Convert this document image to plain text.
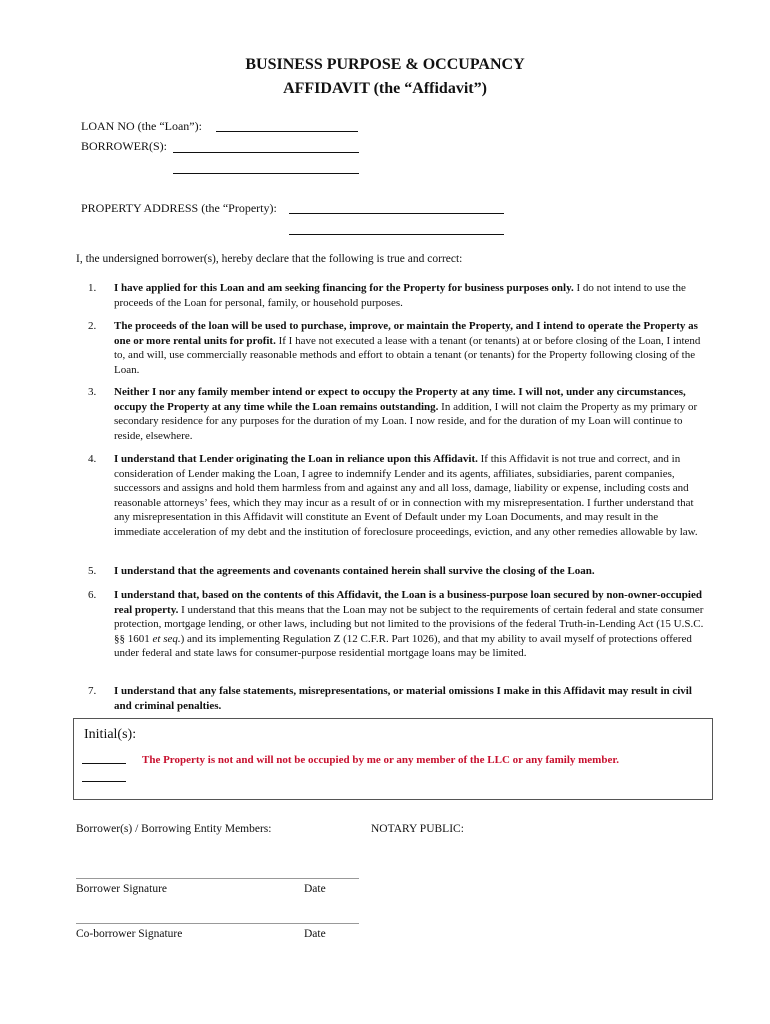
BUSINESS PURPOSE & OCCUPANCY
AFFIDAVIT (the “Affidavit”)
LOAN NO (the “Loan”):
BORROWER(S):
PROPERTY ADDRESS (the “Property):
I, the undersigned borrower(s), hereby declare that the following is true and correct:
1.	I have applied for this Loan and am seeking financing for the Property for business purposes only. I do not intend to use the proceeds of the Loan for personal, family, or household purposes.
2.	The proceeds of the loan will be used to purchase, improve, or maintain the Property, and I intend to operate the Property as one or more rental units for profit. If I have not executed a lease with a tenant (or tenants) at or before closing of the Loan, I intend to, and will, use commercially reasonable methods and effort to obtain a tenant (or tenants) for the Property following closing of the Loan.
3.	Neither I nor any family member intend or expect to occupy the Property at any time. I will not, under any circumstances, occupy the Property at any time while the Loan remains outstanding. In addition, I will not claim the Property as my primary or secondary residence for any purposes for the duration of my Loan. I now reside, and for the duration of my Loan will continue to reside, elsewhere.
4.	I understand that Lender originating the Loan in reliance upon this Affidavit. If this Affidavit is not true and correct, and in consideration of Lender making the Loan, I agree to indemnify Lender and its agents, affiliates, subsidiaries, parent companies, successors and assigns and hold them harmless from and against any and all loss, damage, liability or expense, including costs and reasonable attorneys’ fees, which they may incur as a result of or in connection with my misrepresentation. I further understand that any misrepresentation in this Affidavit will constitute an Event of Default under my Loan Documents, and may result in the immediate acceleration of my debt and the institution of foreclosure proceedings, eviction, and any other remedies allowable by law.
5.	I understand that the agreements and covenants contained herein shall survive the closing of the Loan.
6.	I understand that, based on the contents of this Affidavit, the Loan is a business-purpose loan secured by non-owner-occupied real property. I understand that this means that the Loan may not be subject to the requirements of certain federal and state consumer protection, mortgage lending, or other laws, including but not limited to the provisions of the federal Truth-in-Lending Act (15 U.S.C. §§ 1601 et seq.) and its implementing Regulation Z (12 C.F.R. Part 1026), and that my ability to avail myself of protections offered under federal and state laws for consumer-purpose residential mortgage loans may be limited.
7.	I understand that any false statements, misrepresentations, or material omissions I make in this Affidavit may result in civil and criminal penalties.
Initial(s):
The Property is not and will not be occupied by me or any member of the LLC or any family member.
Borrower(s) / Borrowing Entity Members:	NOTARY PUBLIC:
Borrower Signature	Date
Co-borrower Signature	Date
